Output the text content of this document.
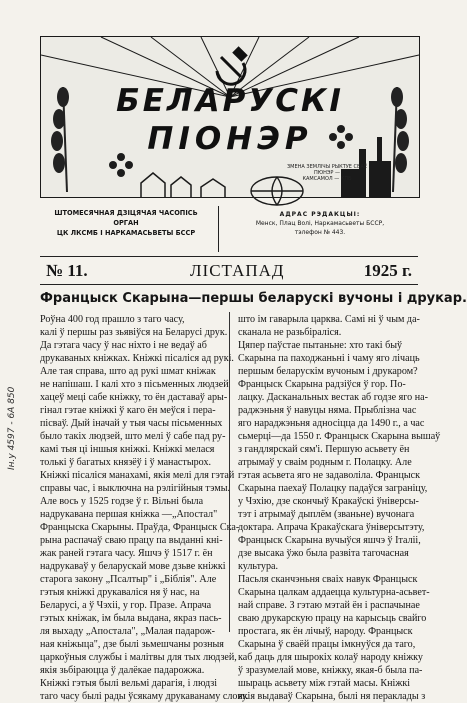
БЕЛАРУСКІ
ПІОНЭР
ЗМЕНА ЗЕМЛІЧЫ РЫКТУЕ СВАЁ
ПЮНЭР —
КАМСАМОЛ — КПБ
ШТОМЕСЯЧНАЯ ДЗІЦЯЧАЯ ЧАСОПІСЬ
ОРГАН
ЦК ЛКСМБ І НАРКАМАСЬВЕТЫ БССР
АДРАС РЭДАКЦЫІ:
Менск, Плац Волі, Наркамасьветы БССР,
тэлефон № 443.
№ 11.	ЛІСТАПАД	1925 г.
Францыск Скарына—першы беларускі вучоны і друкар.
Роўна 400 год прашло з таго часу,
калі ў першы раз зьявіўся на Беларусі друк.
Да гэтага часу ў нас ніхто і не ведаў аб
друкаваных кніжках. Кніжкі пісаліся ад рукі.
Але тая справа, што ад рукі шмат кніжак
не напішаш. І калі хто з пісьменных людзей
хацеў меці сабе кніжку, то ён даставаў ары-
гінал гэтае кніжкі ў каго ён меўся і пера-
пісваў. Дый іначай у тыя часы пісьменных
было такіх людзей, што мелі ў сабе пад ру-
камі тыя ці іншыя кніжкі. Кніжкі мелася
толькі ў багатых князёў і ў манастырох.
Кніжкі пісаліся манахамі, якія мелі для гэтай
справы час, і выключна на рэлігійныя тэмы.
Але вось у 1525 годзе ў г. Вільні была
надрукавана першая кніжка —„Апостал"
Францыска Скарыны. Праўда, Францыск Ска-
рына распачаў сваю працу па выданні кні-
жак раней гэтага часу. Яшчэ ў 1517 г. ён
надрукаваў у беларускай мове дзьве кніжкі
старога закону „Псалтыр" і „Біблія". Але
гэтыя кніжкі друкаваліся ня ў нас, на
Беларусі, а ў Чэхіі, у гор. Празе. Апрача
гэтых кніжак, ім была выдана, якраз пась-
ля выхаду „Апостала", „Малая падарож-
ная кніжыца", дзе былі зьмешчаны розныя
царкоўныя службы і малітвы для тых людзей,
якія зьбіраюцца ў далёкае падарожжа.
Кніжкі гэтыя былі вельмі дарагія, і людзі
таго часу былі рады ўсякаму друкаванаму слову.
што ім гаварыла царква. Самі ні ў чым да-
сканала не разьбіраліся.
Цяпер паўстае пытаньне: хто такі быў
Скарына па паходжаньні і чаму яго лічаць
першым беларускім вучоным і друкаром?
Францыск Скарына радзіўся ў гор. По-
лацку. Дасканальных вестак аб годзе яго на-
раджэньня ў навуцы няма. Прыблізна час
яго нараджэньня адносіцца да 1490 г., а час
сьмерці—да 1550 г. Францыск Скарына вышаў
з гандлярскай сям'і. Першую асьвету ён
атрымаў у сваім родным г. Полацку. Але
гэтая асьвета яго не задаволіла. Францыск
Скарына паехаў Полацку падаўся заграніцу,
у Чэхію, дзе скончыў Кракаўскі ўніверсы-
тэт і атрымаў дыплём (званьне) вучонага
доктара. Апрача Кракаўскага ўніверсытэту,
Францыск Скарына вучыўся яшчэ ў Італіі,
дзе высака ўжо была развіта тагочасная
культура.
Пасьля сканчэньня сваіх навук Францыск
Скарына цалкам аддаецца культурна-асьвет-
най справе. З гэтаю мэтай ён і распачынае
сваю друкарскую працу на карысьць свайго
простага, як ён лічыў, народу. Францыск
Скарына ў сваёй працы імкнуўся да таго,
каб даць для шырокіх колаў народу кніжку
ў зразумелай мове, кніжку, якая-б была па-
шыраць асьвету між гэтай масы. Кніжкі
якія выдаваў Скарына, былі ня пераклады з
Ін.у 4597 - 6А 850
